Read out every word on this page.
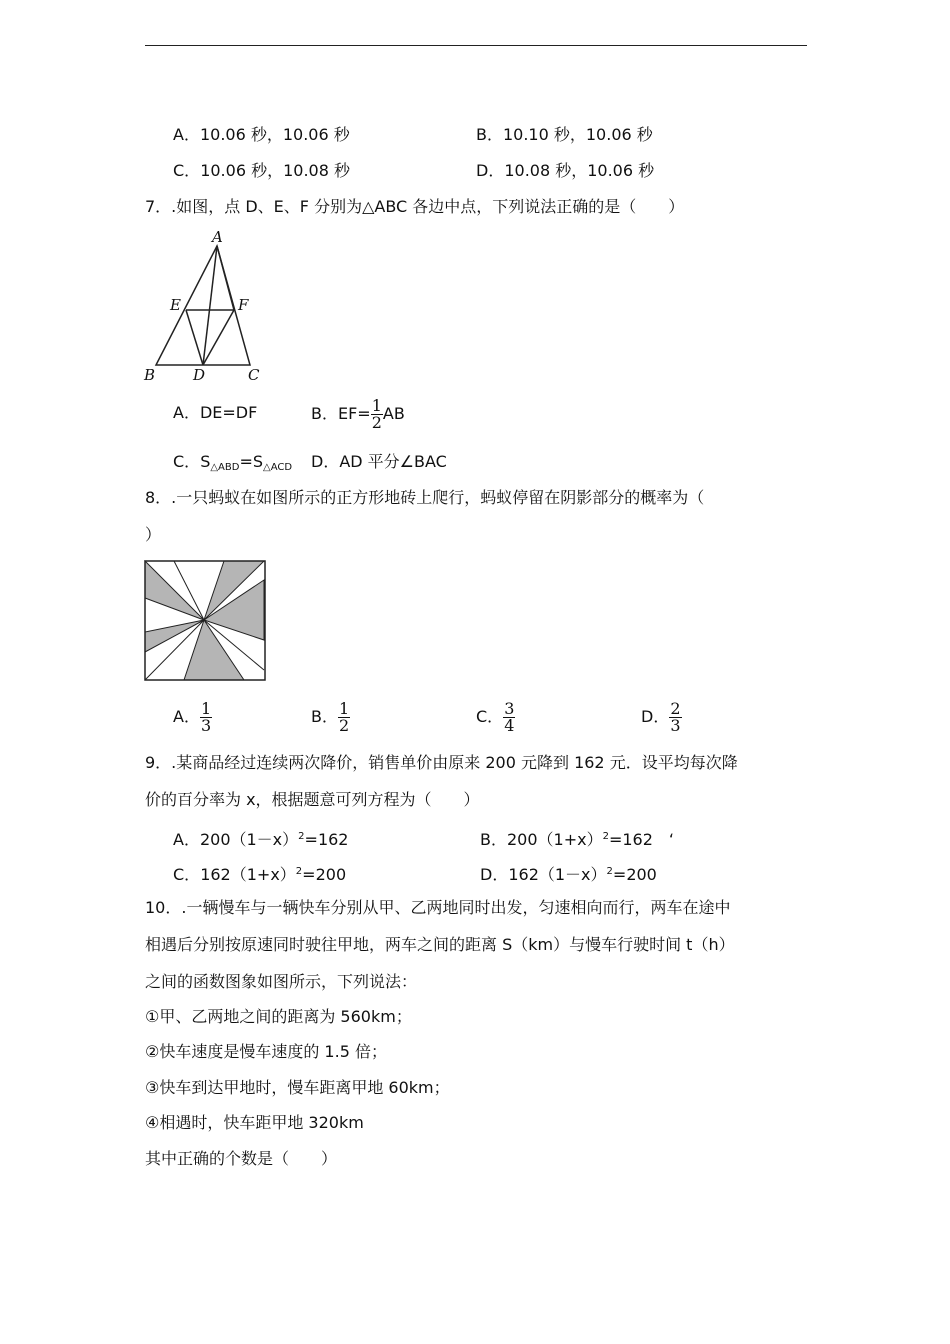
A．10.06 秒，10.06 秒	B．10.10 秒，10.06 秒
C．10.06 秒，10.08 秒	D．10.08 秒，10.06 秒
7．.如图，点 D、E、F 分别为△ABC 各边中点，下列说法正确的是（　　）
A
E	F
B	D	C
A．DE=DF	B．$EF= \frac{1}{2}$ AB
C．$S_{\triangle ABD}=S_{\triangle ACD}$ D．AD 平分∠BAC
8．.一只蚂蚁在如图所示的正方形地砖上爬行，蚂蚁停留在阴影部分的概率为（
）
A． $\frac{1}{3}$	B． $\frac{1}{2}$	C． $\frac{3}{4}$	D． $\frac{2}{3}$
9．.某商品经过连续两次降价，销售单价由原来 200 元降到 162 元．设平均每次降
价的百分率为 x，根据题意可列方程为（　　）
A．$200(1-x)^2=162$	B．$200(1+x)^2=162$　‘
C．$162(1+x)^2=200$	D．$162(1-x)^2=200$
10．.一辆慢车与一辆快车分别从甲、乙两地同时出发，匀速相向而行，两车在途中
相遇后分别按原速同时驶往甲地，两车之间的距离 S（km）与慢车行驶时间 t（h）
之间的函数图象如图所示，下列说法：
①甲、乙两地之间的距离为 560km；
②快车速度是慢车速度的 1.5 倍；
③快车到达甲地时，慢车距离甲地 60km；
④相遇时，快车距甲地 320km
其中正确的个数是（　　）
